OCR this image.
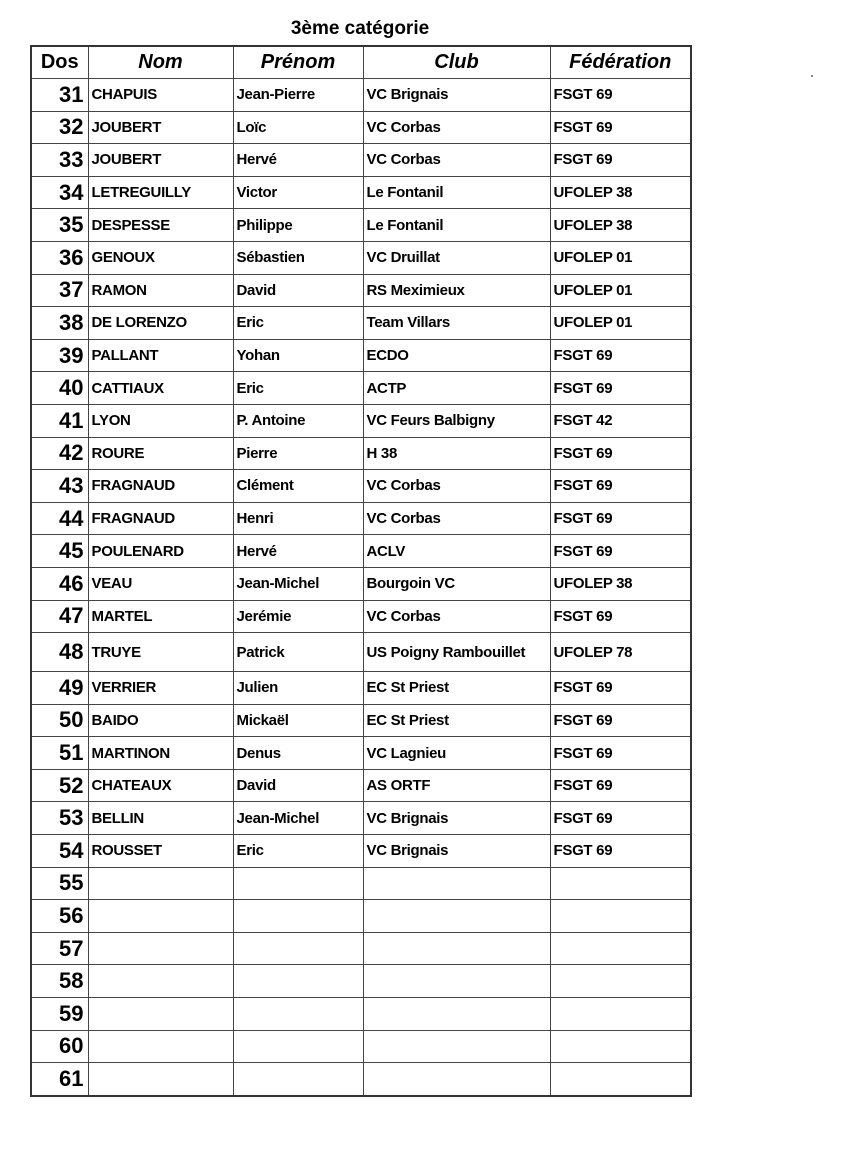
3ème catégorie
Dos	Nom	Prénom	Club	Fédération
31	CHAPUIS	Jean-Pierre	VC Brignais	FSGT 69
32	JOUBERT	Loïc	VC Corbas	FSGT 69
33	JOUBERT	Hervé	VC Corbas	FSGT 69
34	LETREGUILLY	Victor	Le Fontanil	UFOLEP 38
35	DESPESSE	Philippe	Le Fontanil	UFOLEP 38
36	GENOUX	Sébastien	VC Druillat	UFOLEP 01
37	RAMON	David	RS Meximieux	UFOLEP 01
38	DE LORENZO	Eric	Team Villars	UFOLEP 01
39	PALLANT	Yohan	ECDO	FSGT 69
40	CATTIAUX	Eric	ACTP	FSGT 69
41	LYON	P. Antoine	VC Feurs Balbigny	FSGT 42
42	ROURE	Pierre	H 38	FSGT 69
43	FRAGNAUD	Clément	VC Corbas	FSGT 69
44	FRAGNAUD	Henri	VC Corbas	FSGT 69
45	POULENARD	Hervé	ACLV	FSGT 69
46	VEAU	Jean-Michel	Bourgoin VC	UFOLEP 38
47	MARTEL	Jerémie	VC Corbas	FSGT 69
48	TRUYE	Patrick	US Poigny Rambouillet	UFOLEP 78
49	VERRIER	Julien	EC St Priest	FSGT 69
50	BAIDO	Mickaël	EC St Priest	FSGT 69
51	MARTINON	Denus	VC Lagnieu	FSGT 69
52	CHATEAUX	David	AS ORTF	FSGT 69
53	BELLIN	Jean-Michel	VC Brignais	FSGT 69
54	ROUSSET	Eric	VC Brignais	FSGT 69
55				
56				
57				
58				
59				
60				
61				
